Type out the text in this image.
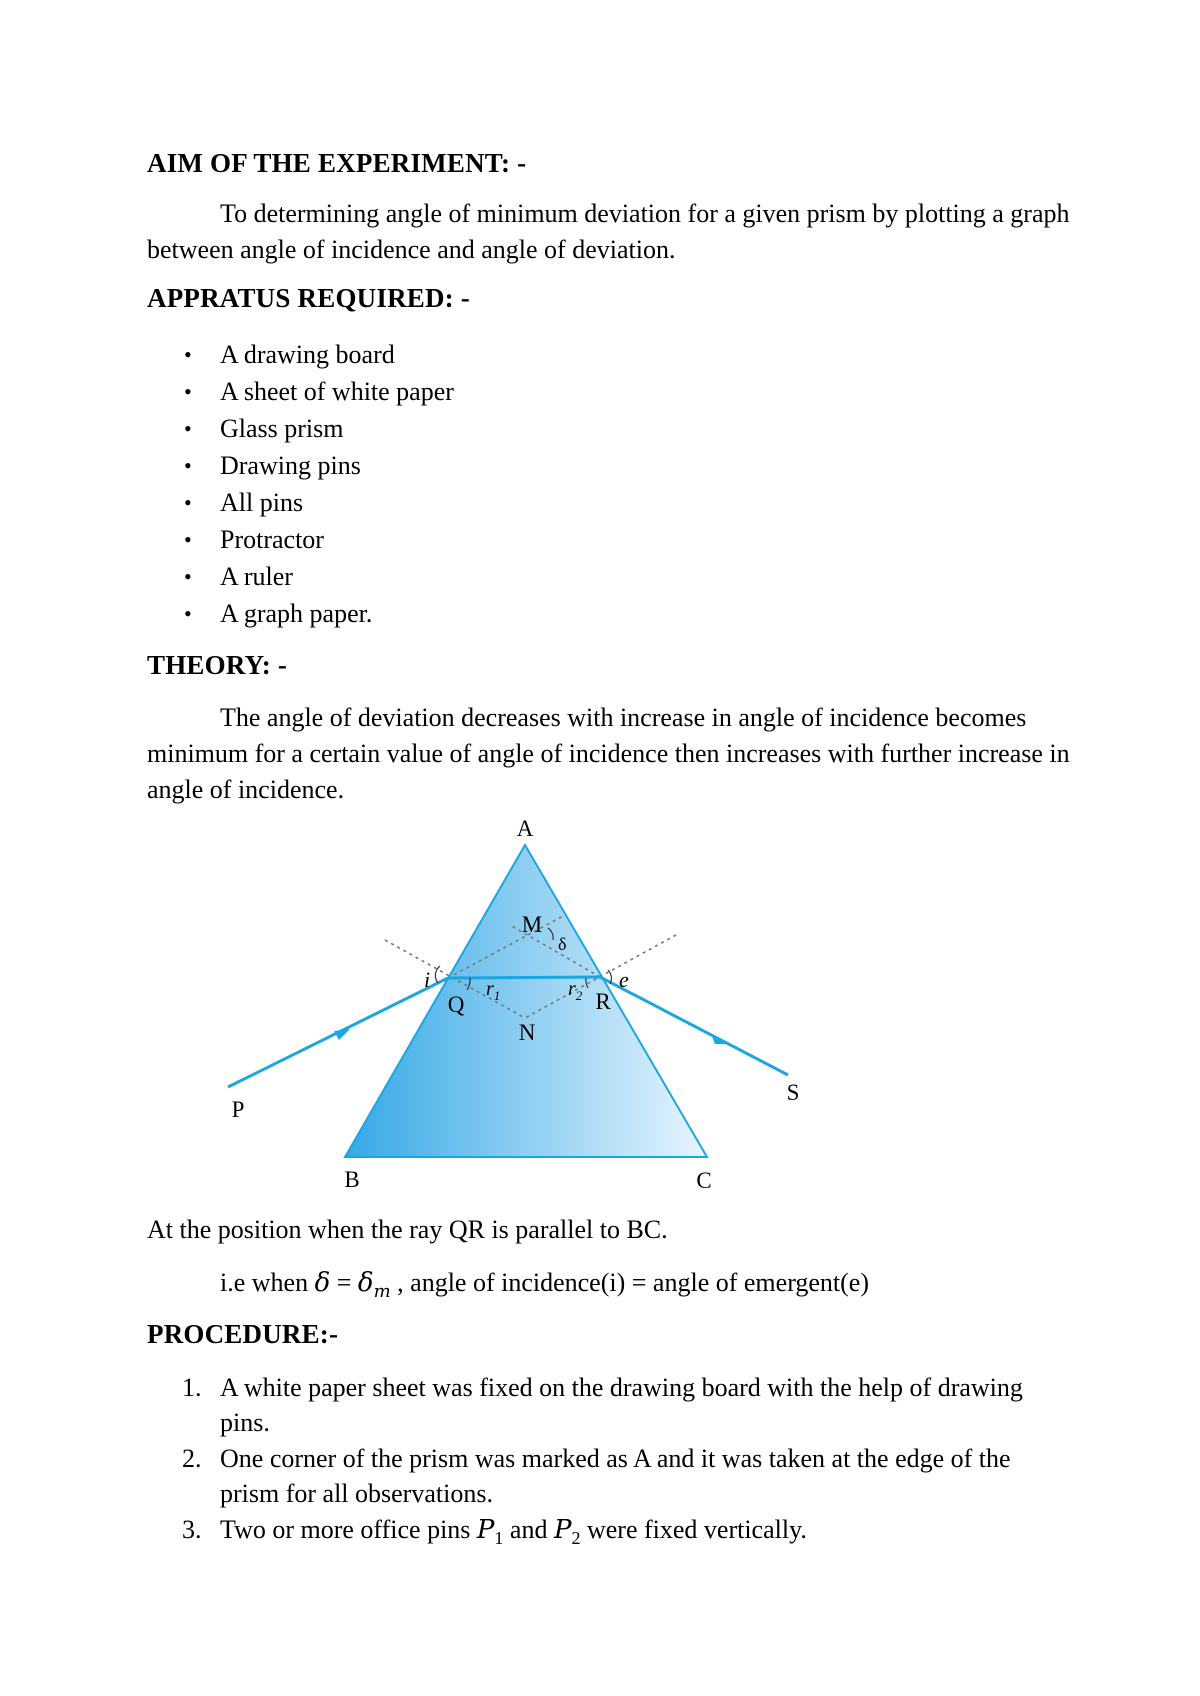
AIM OF THE EXPERIMENT: -
To determining angle of minimum deviation for a given prism by plotting a graph between angle of incidence and angle of deviation.
APPRATUS REQUIRED: -
• A drawing board
• A sheet of white paper
• Glass prism
• Drawing pins
• All pins
• Protractor
• A ruler
• A graph paper.
THEORY: -
The angle of deviation decreases with increase in angle of incidence becomes minimum for a certain value of angle of incidence then increases with further increase in angle of incidence.
A
B	C
M
N
Q	R
P
S
i	e
$r_1$	$r_2$
δ
At the position when the ray QR is parallel to BC.
i.e when $\delta = \delta_m$ , angle of incidence(i) = angle of emergent(e)
PROCEDURE:-
1. A white paper sheet was fixed on the drawing board with the help of drawing pins.
2. One corner of the prism was marked as A and it was taken at the edge of the prism for all observations.
3. Two or more office pins $P_1$ and $P_2$ were fixed vertically.
